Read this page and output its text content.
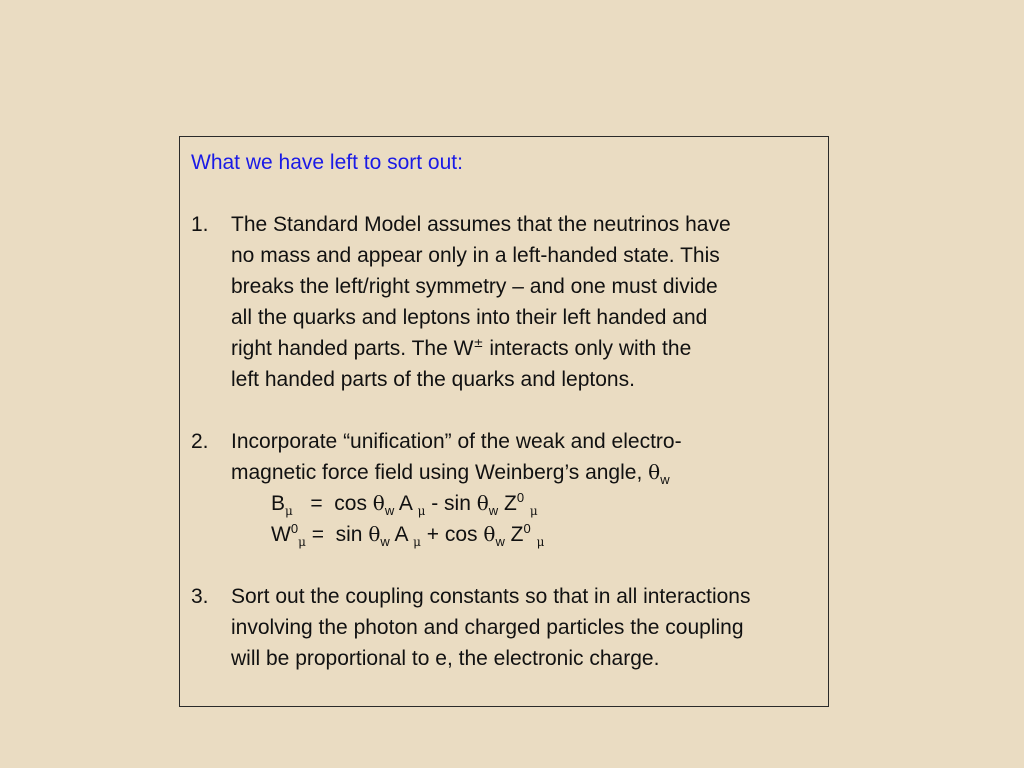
What we have left to sort out:
1. The Standard Model assumes that the neutrinos have
no mass and appear only in a left-handed state. This
breaks the left/right symmetry – and one must divide
all the quarks and leptons into their left handed and
right handed parts. The W± interacts only with the
left handed parts of the quarks and leptons.
2. Incorporate “unification” of the weak and electro-
magnetic force field using Weinberg’s angle, $\theta_w$
$B_\mu = \cos \theta_w$ A $_\mu - \sin \theta_w$ $Z^0$ $_\mu$
$W^0_\mu = \sin \theta_w$ A $_\mu + \cos \theta_w$ $Z^0$ $_\mu$
3. Sort out the coupling constants so that in all interactions
involving the photon and charged particles the coupling
will be proportional to e, the electronic charge.
